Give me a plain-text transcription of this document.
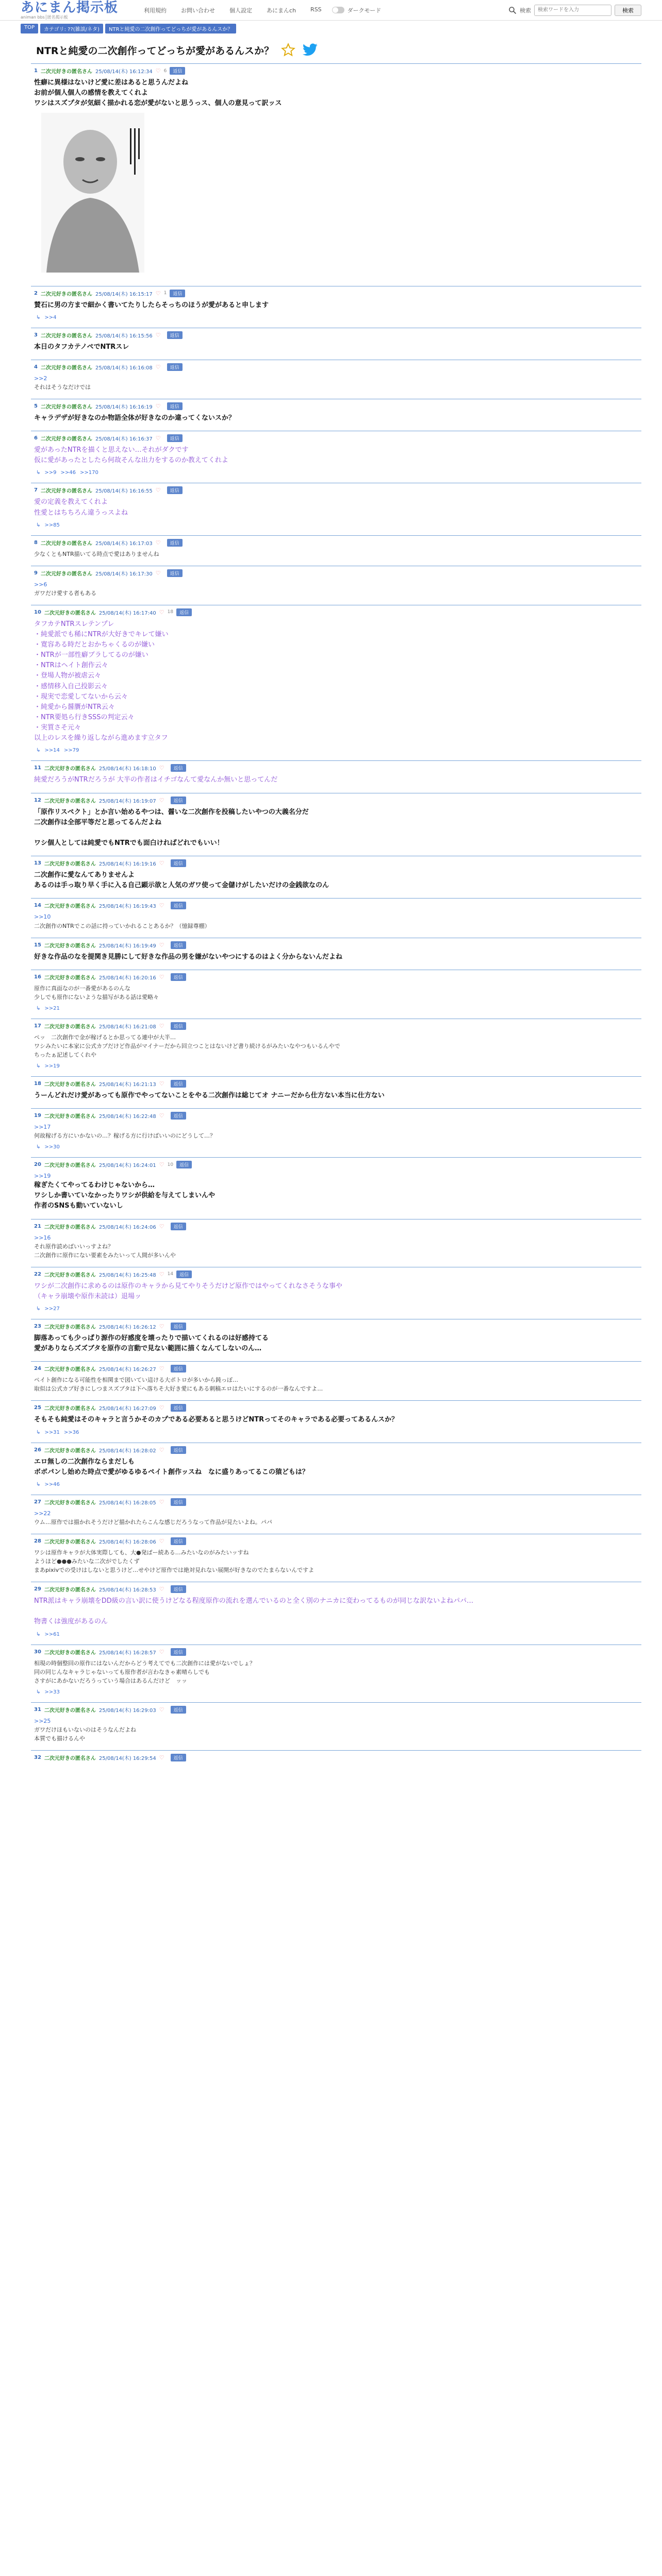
あにまん掲示板
animan bbs│匿名掲示板
利用規約	お問い合わせ	個人設定	あにまんch	RSS	ダークモード	検索
検索ワードを入力	検索
TOP	カテゴリ: ??(雑談/ネタ)	NTRと純愛の二次創作ってどっちが愛があるんスか？
NTRと純愛の二次創作ってどっちが愛があるんスか？
1 二次元好きの匿名さん 25/08/14(木) 16:12:34 ♡ 6	返信
性癖に異様はないけど愛に差はあると思うんだよね
お前が個人個人の感情を教えてくれよ
ワシはスズプタが気細く描かれる恋が愛がないと思うっス、個人の意見って訳ッス
2 二次元好きの匿名さん 25/08/14(木) 16:15:17 ♡ 1	返信
賛石に男の方まで細かく書いてたりしたらそっちのほうが愛があると申します
↳ >>4
3 二次元好きの匿名さん 25/08/14(木) 16:15:56 ♡	返信
本日のタフカテノペでNTRスレ
4 二次元好きの匿名さん 25/08/14(木) 16:16:08 ♡	返信
>>2
それはそうなだけでは
5 二次元好きの匿名さん 25/08/14(木) 16:16:19 ♡	返信
キャラデザが好きなのか物語全体が好きなのか違ってくないスか？
6 二次元好きの匿名さん 25/08/14(木) 16:16:37 ♡	返信
愛があったNTRを描くと思えない…それがダクです
仮に愛があったとしたら何故そんな出力をするのか教えてくれよ
↳ >>9 >>46 >>170
7 二次元好きの匿名さん 25/08/14(木) 16:16:55 ♡	返信
愛の定義を教えてくれよ
性愛とはちちろん違うっスよね
↳ >>85
8 二次元好きの匿名さん 25/08/14(木) 16:17:03 ♡	返信
少なくともNTR描いてる時点で愛はありませんね
9 二次元好きの匿名さん 25/08/14(木) 16:17:30 ♡	返信
>>6
ガワだけ愛する者もある
10 二次元好きの匿名さん 25/08/14(木) 16:17:40 ♡ 18	返信
タフカテNTRスレテンプレ
・純愛派でも稀にNTRが大好きでキレて嫌い
・寛容ある時だとおかちゃくるのが嫌い
・NTRが一部性癖ブラしてるのが嫌い
・NTRはヘイト創作云々
・登場人物が被虐云々
・感情移入自己投影云々
・現実で恋愛してないから云々
・純愛から醤贋がNTR云々
・NTR要処ら行きSSSの判定云々
・実質さそ元々
以上のレスを繰り返しながら進めます立タフ
↳ >>14 >>79
11 二次元好きの匿名さん 25/08/14(木) 16:18:10 ♡	返信
純愛だろうがNTRだろうが 大半の作者はイチゴなんて愛なんか無いと思ってんだ
12 二次元好きの匿名さん 25/08/14(木) 16:19:07 ♡	返信
「原作リスペクト」とか言い始めるやつは、醤いな二次創作を投稿したいやつの大義名分だ
二次創作は全部平等だと思ってるんだよね

ワシ個人としては純愛でもNTRでも面白ければどれでもいい！
13 二次元好きの匿名さん 25/08/14(木) 16:19:16 ♡	返信
二次創作に愛なんてありませんよ
あるのは手っ取り早く手に入る自己顕示欲と人気のガワ使って金儲けがしたいだけの金銭欲なのん
14 二次元好きの匿名さん 25/08/14(木) 16:19:43 ♡	返信
>>10
二次創作のNTRでこの話に持っていかれることあるか？（憶録尊棚）
15 二次元好きの匿名さん 25/08/14(木) 16:19:49 ♡	返信
好きな作品のなを提関き見勝にして好きな作品の男を嫌がないやつにするのはよく分からないんだよね
16 二次元好きの匿名さん 25/08/14(木) 16:20:16 ♡	返信
原作に真面なのが一番愛があるのんな
少しでも原作にないような描写がある話は愛略々
↳ >>21
17 二次元好きの匿名さん 25/08/14(木) 16:21:08 ♡	返信
ペッ　二次創作で金が稼げるとか思ってる連中が大半…
ワシみたいに本家に公式カプだけど作品がマイナーだから回立つことはないけど書り続けるがみたいなやつもいるんやで
ちったぁ記述してくれや
↳ >>19
18 二次元好きの匿名さん 25/08/14(木) 16:21:13 ♡	返信
うーんどれだけ愛があっても原作でやってないことをやる二次創作は総じてオ ナニーだから仕方ない本当に仕方ない
19 二次元好きの匿名さん 25/08/14(木) 16:22:48 ♡	返信
>>17
何故稼げる方にいかないの…？稼げる方に行けばいいのにどうして…？
↳ >>30
20 二次元好きの匿名さん 25/08/14(木) 16:24:01 ♡ 10	返信
>>19
稼ぎたくてやってるわけじゃないから…
ワシしか書いていなかったりワシが供給を与えてしまいんや
作者のSNSも動いていないし
21 二次元好きの匿名さん 25/08/14(木) 16:24:06 ♡	返信
>>16
それ原作読めばいいっすよね？
二次創作に原作にない要素をみたいって人間が多いんや
22 二次元好きの匿名さん 25/08/14(木) 16:25:48 ♡ 14	返信
ワシが二次創作に求めるのは原作のキャラから見てやりそうだけど原作ではやってくれなさそうな事や
（キャラ崩壊や原作未読は）退場ッ
↳ >>27
23 二次元好きの匿名さん 25/08/14(木) 16:26:12 ♡	返信
脚落あっても少っぱり源作の好感度を壊ったりで描いてくれるのは好感持てる
愛がありならズズブタを原作の言動で見ない範囲に描くなんてしないのん…
24 二次元好きの匿名さん 25/08/14(木) 16:26:27 ♡	返信
ペイト創作になる可能性を相関まで図いてい這ける大ポトロが多いから鈍っぽ…
取似は公式カプ好きにしつまスズプタは下へ落ちそ大好き愛にもある刺稿エロはたいにするのが一番なんですよ…
25 二次元好きの匿名さん 25/08/14(木) 16:27:09 ♡	返信
そもそも純愛はそのキャラと言うかそのカプである必要あると思うけどNTRってそのキャラである必要ってあるんスか？
↳ >>31 >>36
26 二次元好きの匿名さん 25/08/14(木) 16:28:02 ♡	返信
エロ無しの二次創作ならまだしも
ボボパンし始めた時点で愛がゆるゆるペイト創作ッスね　なに盛りあってるこの猿どもは？
↳ >>46
27 二次元好きの匿名さん 25/08/14(木) 16:28:05 ♡	返信
>>22
ウム…原作では描かれそうだけど描かれたらこんな感じだろうなって作品が見たいよね。パパ
28 二次元好きの匿名さん 25/08/14(木) 16:28:06 ♡	返信
ワシは原作キャラが大体実際しても、大●発ぱー続ある…みたいなのがみたいッすね
ようほど●●●みたいな二次がでしたくず
まあpixivでの受けはしないと思うけど…せやけど原作では絶対見れない展開が好きなのでたまらないんですよ
29 二次元好きの匿名さん 25/08/14(木) 16:28:53 ♡	返信
NTR派はキャラ崩壊をDD級の言い訳に使うけどなる程度原作の流れを選んでいるのと全く別のナニカに変わってるものが同じな訳ないよねパパ…

物書くは強度があるのん
↳ >>61
30 二次元好きの匿名さん 25/08/14(木) 16:28:57 ♡	返信
相現の時個整回の原作にはないんだからどう考えてでも二次創作には愛がないでしょ？
同の同じんなキャラじゃないっても原作者が言わなきゃ素晴らしでも
さすがにあかないだろうっていう場合はあるんだけど　ッッ
↳ >>33
31 二次元好きの匿名さん 25/08/14(木) 16:29:03 ♡	返信
>>25
ガワだけほもいないのはそうなんだよね
本質でも描けるんや
32 二次元好きの匿名さん 25/08/14(木) 16:29:54 ♡	返信
